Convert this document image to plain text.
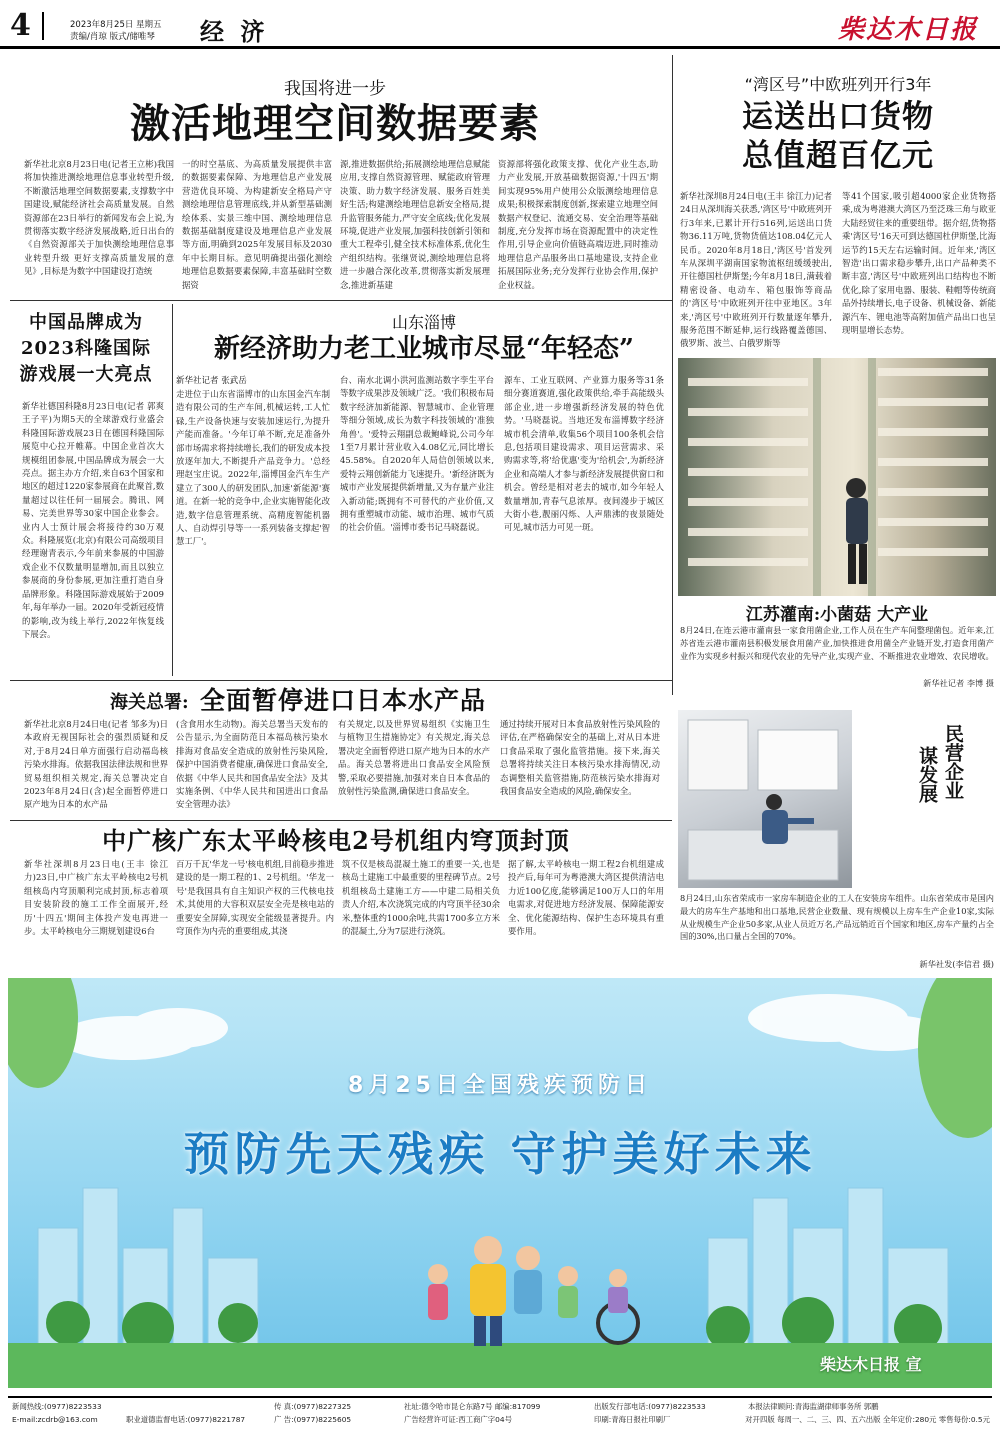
4	2023年8月25日 星期五
责编/肖琼 版式/储唯琴 经 济	柴达木日报
我国将进一步
激活地理空间数据要素
新华社北京8月23日电(记者王立彬)我国将加快推进测绘地理信息事业转型升级,不断激活地理空间数据要素,支撑数字中国建设,赋能经济社会高质量发展。自然资源部在23日举行的新闻发布会上说,为贯彻落实数字经济发展战略,近日出台的《自然资源部关于加快测绘地理信息事业转型升级 更好支撑高质量发展的意见》,目标是为数字中国建设打造统
一的时空基底、为高质量发展提供丰富的数据要素保障、为地理信息产业发展营造优良环境、为构建新安全格局产守测绘地理信息管理底线,并从新型基础测绘体系、实景三维中国、测绘地理信息数据基础制度建设及地理信息产业发展等方面,明确到2025年发展目标及2030年中长期目标。意见明确提出强化测绘地理信息数据要素保障,丰富基础时空数据资
源,推进数据供给;拓展测绘地理信息赋能应用,支撑自然资源管理、赋能政府管理决策、助力数字经济发展、服务百姓美好生活;构建测绘地理信息新安全格局,提升监管服务能力,严守安全底线;优化发展环境,促进产业发展,加强科技创新引领和重大工程牵引,健全技术标准体系,优化生产组织结构。张继贤说,测绘地理信息将进一步融合深化改革,贯彻落实新发展理念,推进新基建
资源部将强化政策支撑、优化产业生态,助力产业发展,开放基础数据资源,'十四五'期间实现95%用户使用公众版测绘地理信息成果;积极探索制度创新,探索建立地理空间数据产权登记、流通交易、安全治理等基础制度,充分发挥市场在资源配置中的决定性作用,引导企业向价值链高端迈进,同时推动地理信息产品服务出口基地建设,支持企业拓展国际业务;充分发挥行业协会作用,保护企业权益。
“湾区号”中欧班列开行3年
运送出口货物
总值超百亿元
新华社深圳8月24日电(王丰 徐江力)记者24日从深圳海关获悉,'湾区号'中欧班列开行3年来,已累计开行516列,运送出口货物36.11万吨,货物货值达108.04亿元人民币。2020年8月18日,'湾区号'首发列车从深圳平湖南国家物流枢纽缓缓驶出,开往德国杜伊斯堡;今年8月18日,满载着精密设备、电动车、箱包服饰等商品的'湾区号'中欧班列开往中亚地区。3年来,'湾区号'中欧班列开行数量逐年攀升,服务范围不断延伸,运行线路覆盖德国、俄罗斯、波兰、白俄罗斯等
等41个国家,吸引超4000家企业货物搭乘,成为粤港澳大湾区乃至泛珠三角与欧亚大陆经贸往来的重要纽带。据介绍,货物搭乘'湾区号'16天可到达德国杜伊斯堡,比海运节约15天左右运输时间。近年来,'湾区智造'出口需求稳步攀升,出口产品种类不断丰富,'湾区号'中欧班列出口结构也不断优化,除了家用电器、服装、鞋帽等传统商品外持续增长,电子设备、机械设备、新能源汽车、锂电池等高附加值产品出口也呈现明显增长态势。
中国品牌成为
2023科隆国际
游戏展一大亮点
新华社德国科隆8月23日电(记者 郭爽 王子平)为期5天的全球游戏行业盛会科隆国际游戏展23日在德国科隆国际展览中心拉开帷幕。中国企业首次大规模组团参展,中国品牌成为展会一大亮点。据主办方介绍,来自63个国家和地区的超过1220家参展商在此聚首,数量超过以往任何一届展会。腾讯、网易、完美世界等30家中国企业参会。业内人士预计展会将接待约30万观众。科隆展览(北京)有限公司高级项目经理谢青表示,今年前来参展的中国游戏企业不仅数量明显增加,而且以独立参展商的身份参展,更加注重打造自身品牌形象。科隆国际游戏展始于2009年,每年举办一届。2020年受新冠疫情的影响,改为线上举行,2022年恢复线下展会。
山东淄博
新经济助力老工业城市尽显“年轻态”
新华社记者 张武岳
走进位于山东省淄博市的山东国金汽车制造有限公司的生产车间,机械运转,工人忙碌,生产设备快速与安装加速运行,为提升产能而准备。'今年订单不断,充足准备外部市场需求将持续增长,我们的研发成本投放逐年加大,不断提升产品竞争力。'总经理赵宝庄说。2022年,淄博国金汽车生产建立了300人的研发团队,加速'新能源'赛道。在新一轮的竞争中,企业实施智能化改造,数字信息管理系统、高精度智能机器人、自动焊引导等一一系列装备支撑起'智慧工厂'。
台、南水北调小洪河监测站数字孪生平台等数字成果涉及领域广泛。'我们积极布局数字经济加新能源、智慧城市、企业管理等细分领域,成长为数字科技领域的'准独角兽'。'爱特云翔副总裁鲍峰说,公司今年1至7月累计营业收入4.08亿元,同比增长45.58%。自2020年人局信创领域以来,爱特云翔创新能力飞速提升。'新经济既为城市产业发展提供新增量,又为存量产业注入新动能;既拥有不可替代的产业价值,又拥有重塑城市动能、城市治理、城市气质的社会价值。'淄博市委书记马晓磊说。
源车、工业互联网、产业算力服务等31条细分赛道赛道,强化政策供给,牵手高能级头部企业,进一步增强新经济发展的特色优势。'马晓磊说。当地还发布淄博数字经济城市机会清单,收集56个项目100条机会信息,包括项目建设需求、项目运营需求、采购需求等,将'给优惠'变为'给机会',为新经济企业和高端人才参与新经济发展提供窗口和机会。曾经是相对老去的城市,如今年轻人数量增加,青春气息浓厚。夜间漫步于城区大街小巷,靓丽闪烁、人声鼎沸的夜景随处可见,城市活力可见一斑。
江苏灌南:小菌菇 大产业
8月24日,在连云港市灌南县一家食用菌企业,工作人员在生产车间整理菌包。近年来,江苏省连云港市灌南县积极发展食用菌产业,加快推进食用菌全产业链开发,打造食用菌产业作为实现乡村振兴和现代农业的先导产业,实现产业、不断推进农业增效、农民增收。
新华社记者 李博 摄
海关总署: 全面暂停进口日本水产品
新华社北京8月24日电(记者 邹多为)日本政府无视国际社会的强烈质疑和反对,于8月24日单方面强行启动福岛核污染水排海。依据我国法律法规和世界贸易组织相关规定,海关总署决定自2023年8月24日(含)起全面暂停进口原产地为日本的水产品
(含食用水生动物)。海关总署当天发布的公告显示,为全面防范日本福岛核污染水排海对食品安全造成的放射性污染风险,保护中国消费者健康,确保进口食品安全,依据《中华人民共和国食品安全法》及其实施条例、《中华人民共和国进出口食品安全管理办法》
有关规定,以及世界贸易组织《实施卫生与植物卫生措施协定》有关规定,海关总署决定全面暂停进口原产地为日本的水产品。海关总署将进出口食品安全风险预警,采取必要措施,加强对来自日本食品的放射性污染监测,确保进口食品安全。
通过持续开展对日本食品放射性污染风险的评估,在严格确保安全的基础上,对从日本进口食品采取了强化监管措施。接下来,海关总署将持续关注日本核污染水排海情况,动态调整相关监管措施,防范核污染水排海对我国食品安全造成的风险,确保安全。	民营企业
谋发展
8月24日,山东省荣成市一家房车制造企业的工人在安装房车组件。山东省荣成市是国内最大的房车生产基地和出口基地,民营企业数量、现有规模以上房车生产企业10家,实际从业规模生产企业50多家,从业人员近万名,产品远销近百个国家和地区,房车产量约占全国的30%,出口量占全国的70%。
新华社发(李信君 摄)
中广核广东太平岭核电2号机组内穹顶封顶
新华社深圳8月23日电(王丰 徐江力)23日,中广核广东太平岭核电2号机组核岛内穹顶顺利完成封顶,标志着项目安装阶段的施工工作全面展开,经历'十四五'期间主体投产发电再进一步。太平岭核电分三期规划建设6台
百万千瓦'华龙一号'核电机组,目前稳步推进建设的是一期工程的1、2号机组。'华龙一号'是我国具有自主知识产权的三代核电技术,其使用的大容积双层安全壳是核电站的重要安全屏障,实现安全能级显著提升。内穹顶作为内壳的重要组成,其浇
筑不仅是核岛混凝土施工的重要一关,也是核岛土建施工中最重要的里程碑节点。2号机组核岛土建施工方——中建二局相关负责人介绍,本次浇筑完成的内穹顶半径30余米,整体重约1000余吨,共需1700多立方米的混凝土,分为7层进行浇筑。
据了解,太平岭核电一期工程2台机组建成投产后,每年可为粤港澳大湾区提供清洁电力近100亿度,能够满足100万人口的年用电需求,对促进地方经济发展、保障能源安全、优化能源结构、保护生态环境具有重要作用。
8月25日全国残疾预防日
预防先天残疾 守护美好未来
柴达木日报 宣
新闻热线:(0977)8223533
E-mail:zcdrb@163.com	职业道德监督电话:(0977)8221787
传 真:(0977)8227325
广 告:(0977)8225605
社址:德令哈市昆仑东路7号 邮编:817099
广告经营许可证:西工商广字04号
出版发行部电话:(0977)8223533
印刷:青海日报社印刷厂
本报法律顾问:青海监湖律师事务所 郭鹏
对开四版 每周一、二、三、四、五六出版 全年定价:280元 零售每份:0.5元
